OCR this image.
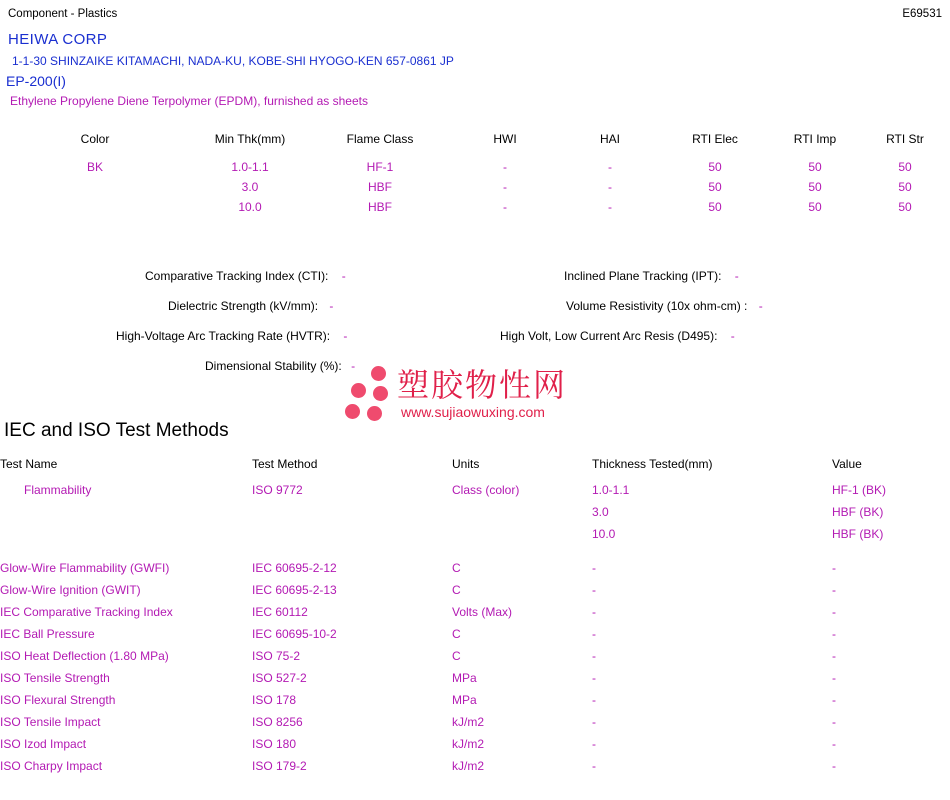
Component - Plastics	E69531
HEIWA CORP
1-1-30 SHINZAIKE KITAMACHI, NADA-KU, KOBE-SHI HYOGO-KEN 657-0861 JP
EP-200(I)
Ethylene Propylene Diene Terpolymer (EPDM), furnished as sheets
Color	Min Thk(mm)	Flame Class	HWI	HAI	RTI Elec	RTI Imp	RTI Str
BK	1.0-1.1	HF-1	-	-	50	50	50
	3.0	HBF	-	-	50	50	50
	10.0	HBF	-	-	50	50	50
Comparative Tracking Index (CTI): -	Inclined Plane Tracking (IPT): -
Dielectric Strength (kV/mm): -	Volume Resistivity (10x ohm-cm) : -
High-Voltage Arc Tracking Rate (HVTR): -	High Volt, Low Current Arc Resis (D495): -
Dimensional Stability (%): - 塑胶物性网
www.sujiaowuxing.com
IEC and ISO Test Methods
Test Name	Test Method	Units	Thickness Tested(mm)	Value
Flammability	ISO 9772	Class (color)	1.0-1.1	HF-1 (BK)
			3.0	HBF (BK)
			10.0	HBF (BK)
Glow-Wire Flammability (GWFI)	IEC 60695-2-12	C	-	-
Glow-Wire Ignition (GWIT)	IEC 60695-2-13	C	-	-
IEC Comparative Tracking Index	IEC 60112	Volts (Max)	-	-
IEC Ball Pressure	IEC 60695-10-2	C	-	-
ISO Heat Deflection (1.80 MPa)	ISO 75-2	C	-	-
ISO Tensile Strength	ISO 527-2	MPa	-	-
ISO Flexural Strength	ISO 178	MPa	-	-
ISO Tensile Impact	ISO 8256	kJ/m2	-	-
ISO Izod Impact	ISO 180	kJ/m2	-	-
ISO Charpy Impact	ISO 179-2	kJ/m2	-	-
